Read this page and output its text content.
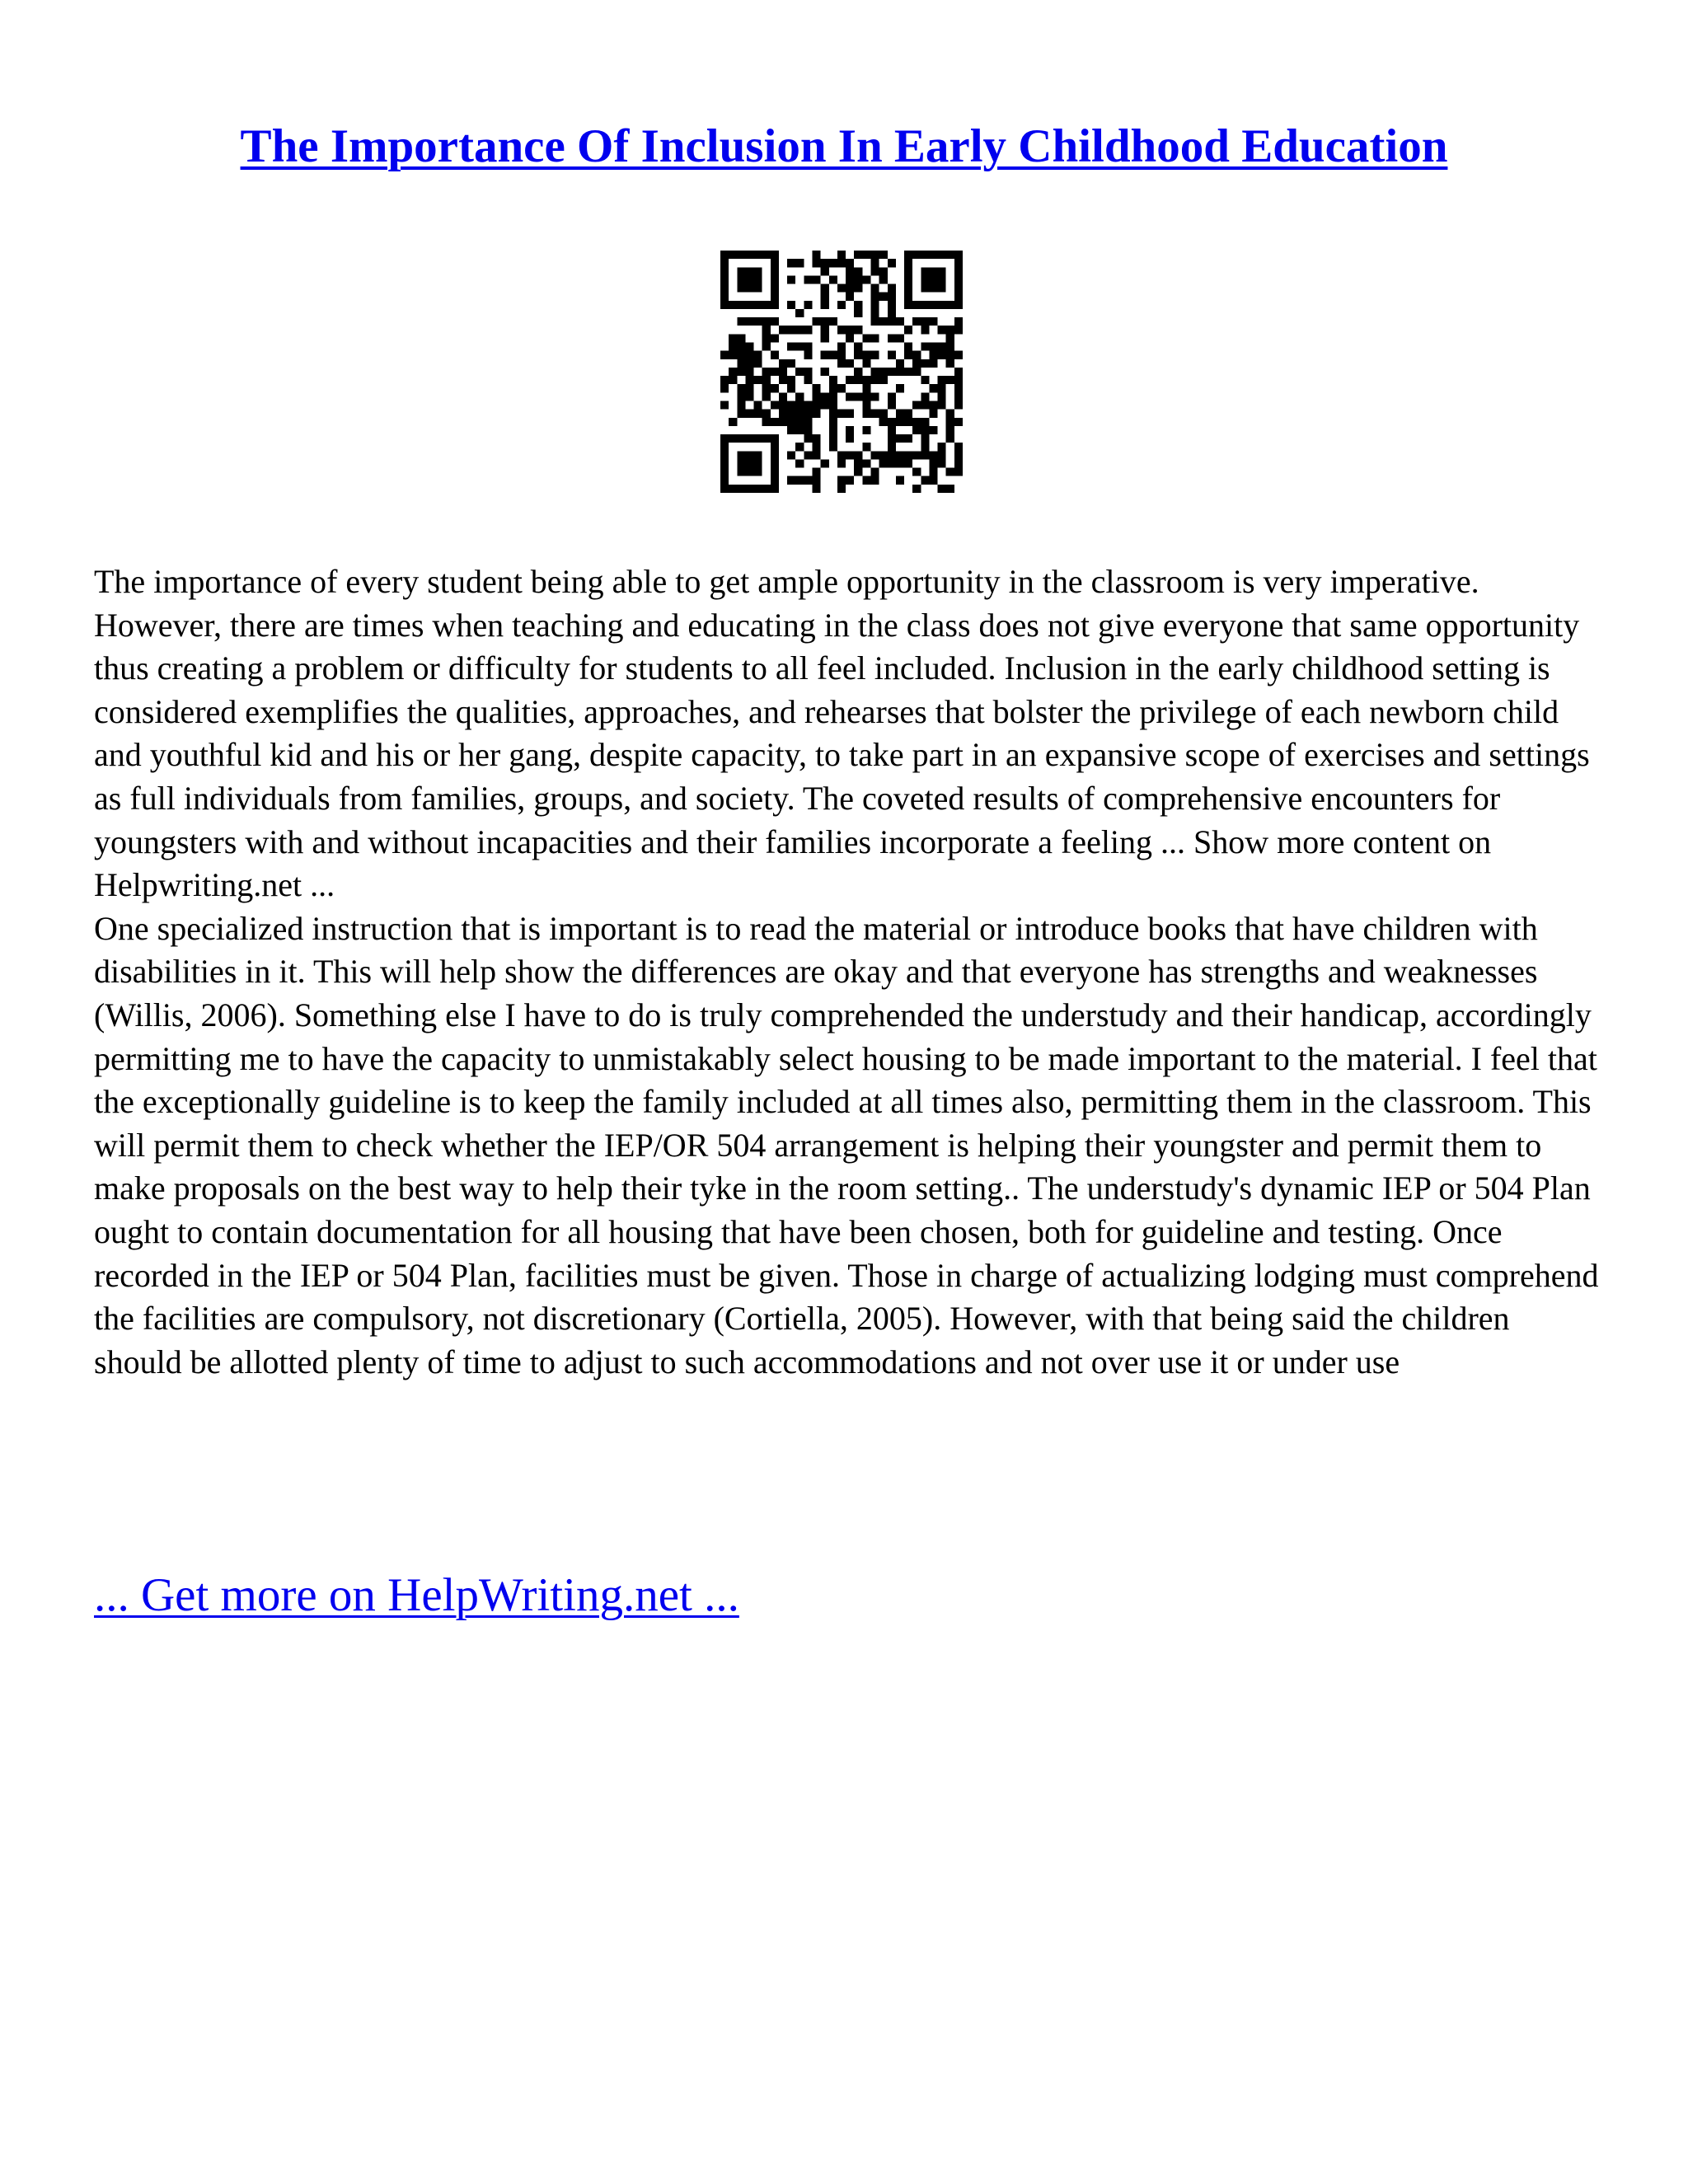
The Importance Of Inclusion In Early Childhood Education

The importance of every student being able to get ample opportunity in the classroom is very imperative. However, there are times when teaching and educating in the class does not give everyone that same opportunity thus creating a problem or difficulty for students to all feel included. Inclusion in the early childhood setting is considered exemplifies the qualities, approaches, and rehearses that bolster the privilege of each newborn child and youthful kid and his or her gang, despite capacity, to take part in an expansive scope of exercises and settings as full individuals from families, groups, and society. The coveted results of comprehensive encounters for youngsters with and without incapacities and their families incorporate a feeling ... Show more content on Helpwriting.net ...

One specialized instruction that is important is to read the material or introduce books that have children with disabilities in it. This will help show the differences are okay and that everyone has strengths and weaknesses (Willis, 2006). Something else I have to do is truly comprehended the understudy and their handicap, accordingly permitting me to have the capacity to unmistakably select housing to be made important to the material. I feel that the exceptionally guideline is to keep the family included at all times also, permitting them in the classroom. This will permit them to check whether the IEP/OR 504 arrangement is helping their youngster and permit them to make proposals on the best way to help their tyke in the room setting.. The understudy's dynamic IEP or 504 Plan ought to contain documentation for all housing that have been chosen, both for guideline and testing. Once recorded in the IEP or 504 Plan, facilities must be given. Those in charge of actualizing lodging must comprehend the facilities are compulsory, not discretionary (Cortiella, 2005). However, with that being said the children should be allotted plenty of time to adjust to such accommodations and not over use it or under use

... Get more on HelpWriting.net ...
